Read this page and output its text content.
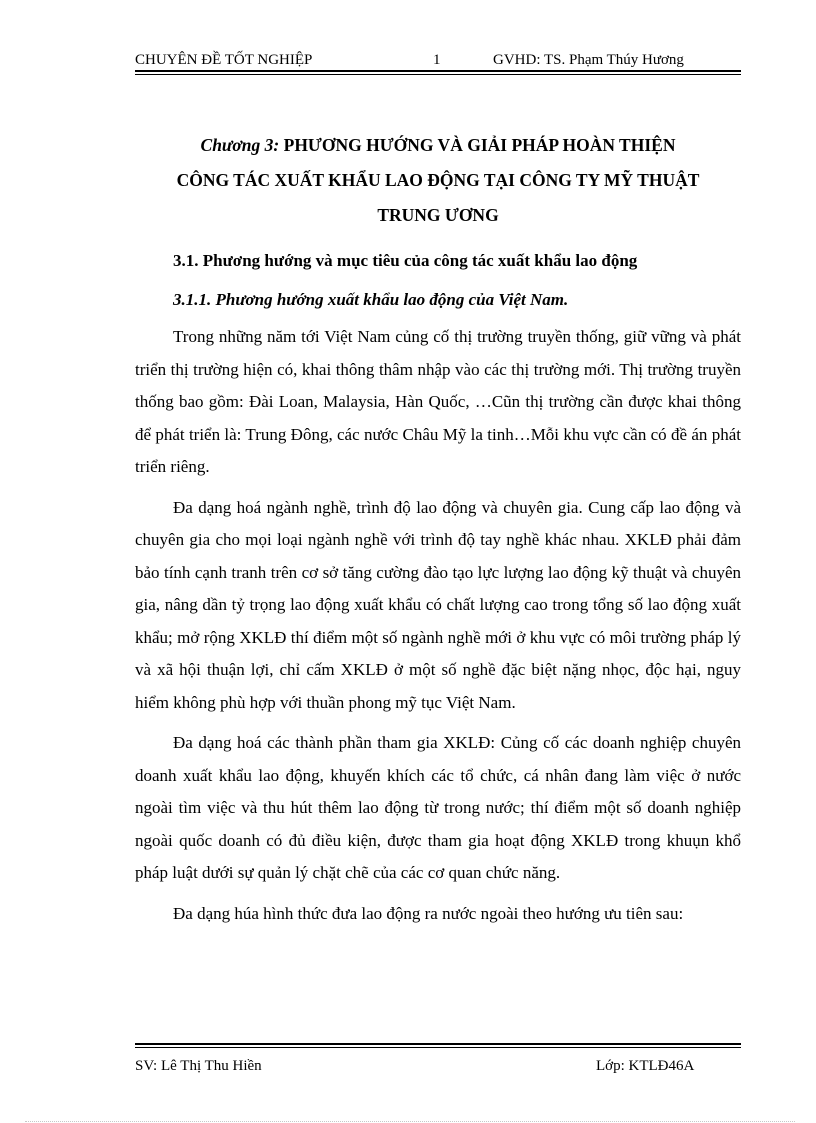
CHUYÊN ĐỀ TỐT NGHIỆP	1	GVHD: TS. Phạm Thúy Hương

Chương 3: PHƯƠNG HƯỚNG VÀ GIẢI PHÁP HOÀN THIỆN
CÔNG TÁC XUẤT KHẨU LAO ĐỘNG TẠI CÔNG TY MỸ THUẬT
TRUNG ƯƠNG

3.1. Phương hướng và mục tiêu của công tác xuất khẩu lao động

3.1.1. Phương hướng xuất khẩu lao động của Việt Nam.

Trong những năm tới Việt Nam củng cố thị trường truyền thống, giữ vững và phát triển thị trường hiện có, khai thông thâm nhập vào các thị trường mới. Thị trường truyền thống bao gồm: Đài Loan, Malaysia, Hàn Quốc, …Cũn thị trường cần được khai thông để phát triển là: Trung Đông, các nước Châu Mỹ la tinh…Mỗi khu vực cần có đề án phát triển riêng.

Đa dạng hoá ngành nghề, trình độ lao động và chuyên gia. Cung cấp lao động và chuyên gia cho mọi loại ngành nghề với trình độ tay nghề khác nhau. XKLĐ phải đảm bảo tính cạnh tranh trên cơ sở tăng cường đào tạo lực lượng lao động kỹ thuật và chuyên gia, nâng dần tỷ trọng lao động xuất khẩu có chất lượng cao trong tổng số lao động xuất khẩu; mở rộng XKLĐ thí điểm một số ngành nghề mới ở khu vực có môi trường pháp lý và xã hội thuận lợi, chỉ cấm XKLĐ ở một số nghề đặc biệt nặng nhọc, độc hại, nguy hiểm không phù hợp với thuần phong mỹ tục Việt Nam.

Đa dạng hoá các thành phần tham gia XKLĐ: Củng cố các doanh nghiệp chuyên doanh xuất khẩu lao động, khuyến khích các tổ chức, cá nhân đang làm việc ở nước ngoài tìm việc và thu hút thêm lao động từ trong nước; thí điểm một số doanh nghiệp ngoài quốc doanh có đủ điều kiện, được tham gia hoạt động XKLĐ trong khuụn khổ pháp luật dưới sự quản lý chặt chẽ của các cơ quan chức năng.

Đa dạng húa hình thức đưa lao động ra nước ngoài theo hướng ưu tiên sau:

SV: Lê Thị Thu Hiền	Lớp: KTLĐ46A
